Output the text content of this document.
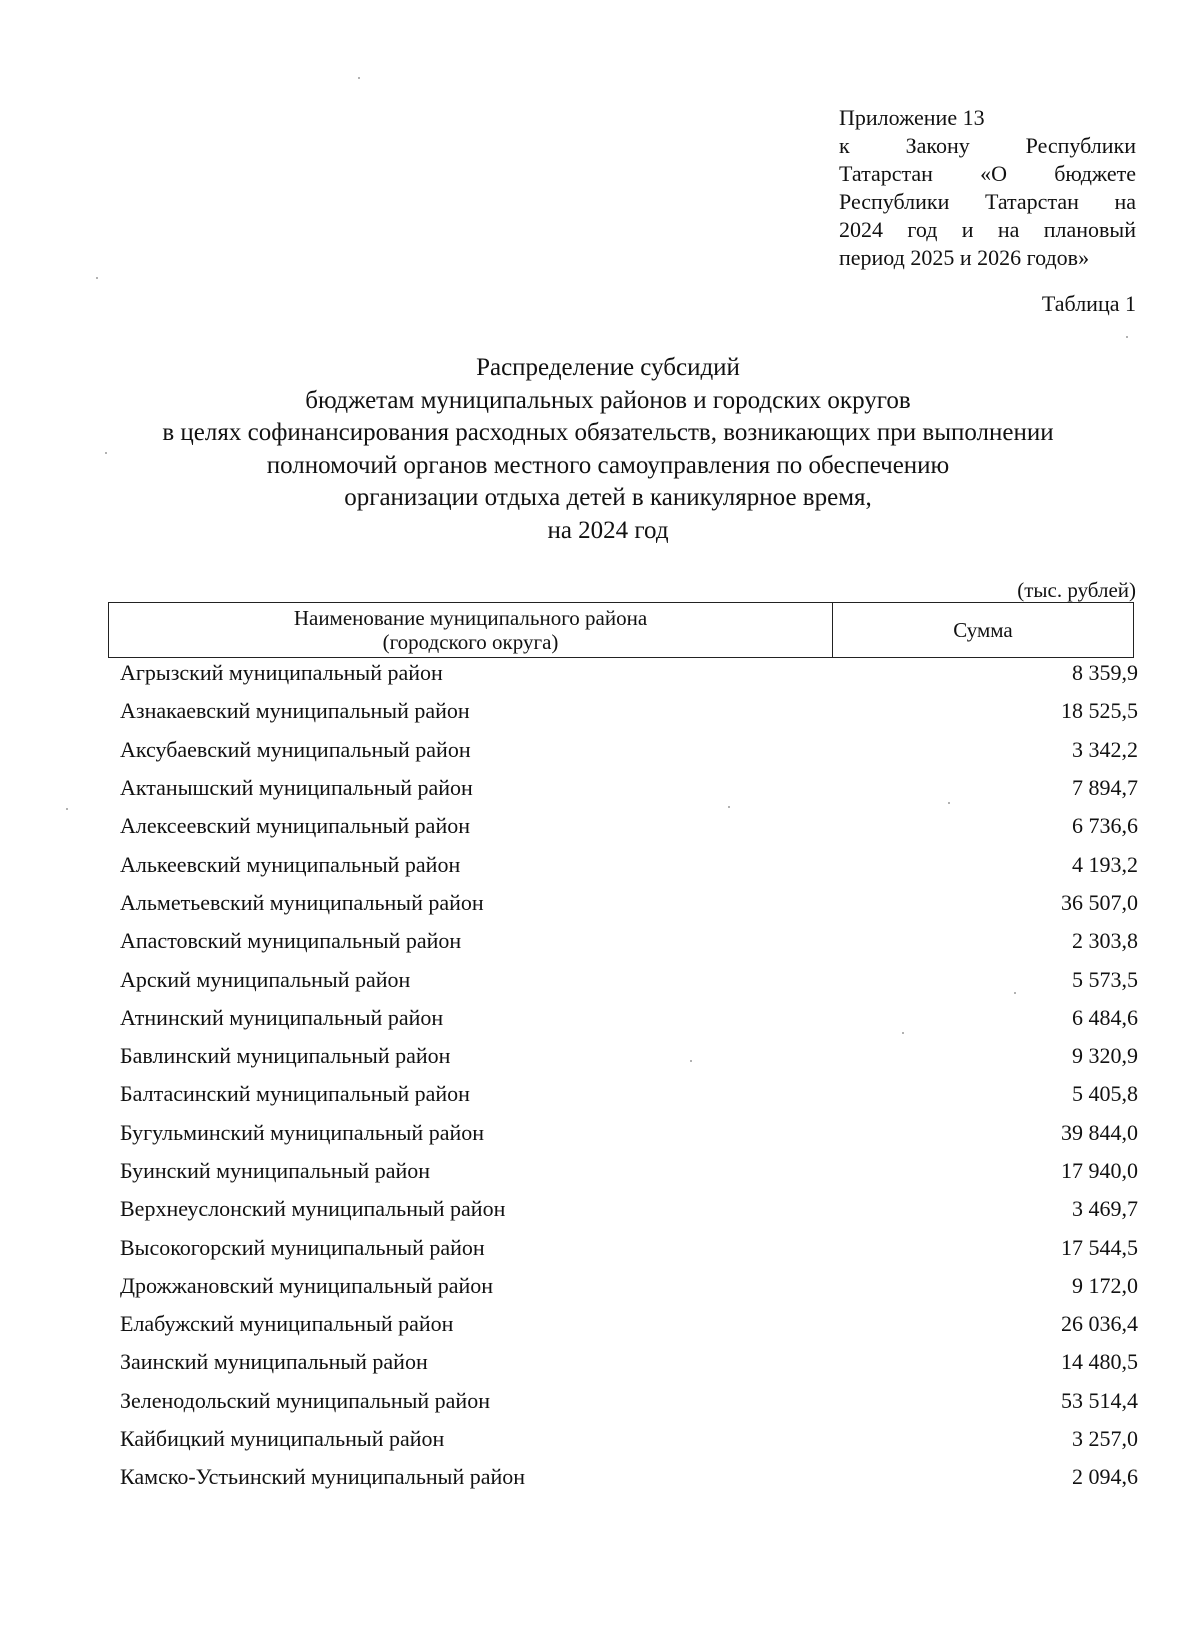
Приложение 13
к Закону Республики
Татарстан «О бюджете
Республики Татарстан на
2024 год и на плановый
период 2025 и 2026 годов»
Таблица 1
Распределение субсидий
бюджетам муниципальных районов и городских округов
в целях софинансирования расходных обязательств, возникающих при выполнении
полномочий органов местного самоуправления по обеспечению
организации отдыха детей в каникулярное время,
на 2024 год
(тыс. рублей)
Наименование муниципального района
(городского округа)	Сумма
Агрызский муниципальный район	8 359,9
Азнакаевский муниципальный район	18 525,5
Аксубаевский муниципальный район	3 342,2
Актанышский муниципальный район	7 894,7
Алексеевский муниципальный район	6 736,6
Алькеевский муниципальный район	4 193,2
Альметьевский муниципальный район	36 507,0
Апастовский муниципальный район	2 303,8
Арский муниципальный район	5 573,5
Атнинский муниципальный район	6 484,6
Бавлинский муниципальный район	9 320,9
Балтасинский муниципальный район	5 405,8
Бугульминский муниципальный район	39 844,0
Буинский муниципальный район	17 940,0
Верхнеуслонский муниципальный район	3 469,7
Высокогорский муниципальный район	17 544,5
Дрожжановский муниципальный район	9 172,0
Елабужский муниципальный район	26 036,4
Заинский муниципальный район	14 480,5
Зеленодольский муниципальный район	53 514,4
Кайбицкий муниципальный район	3 257,0
Камско-Устьинский муниципальный район	2 094,6
